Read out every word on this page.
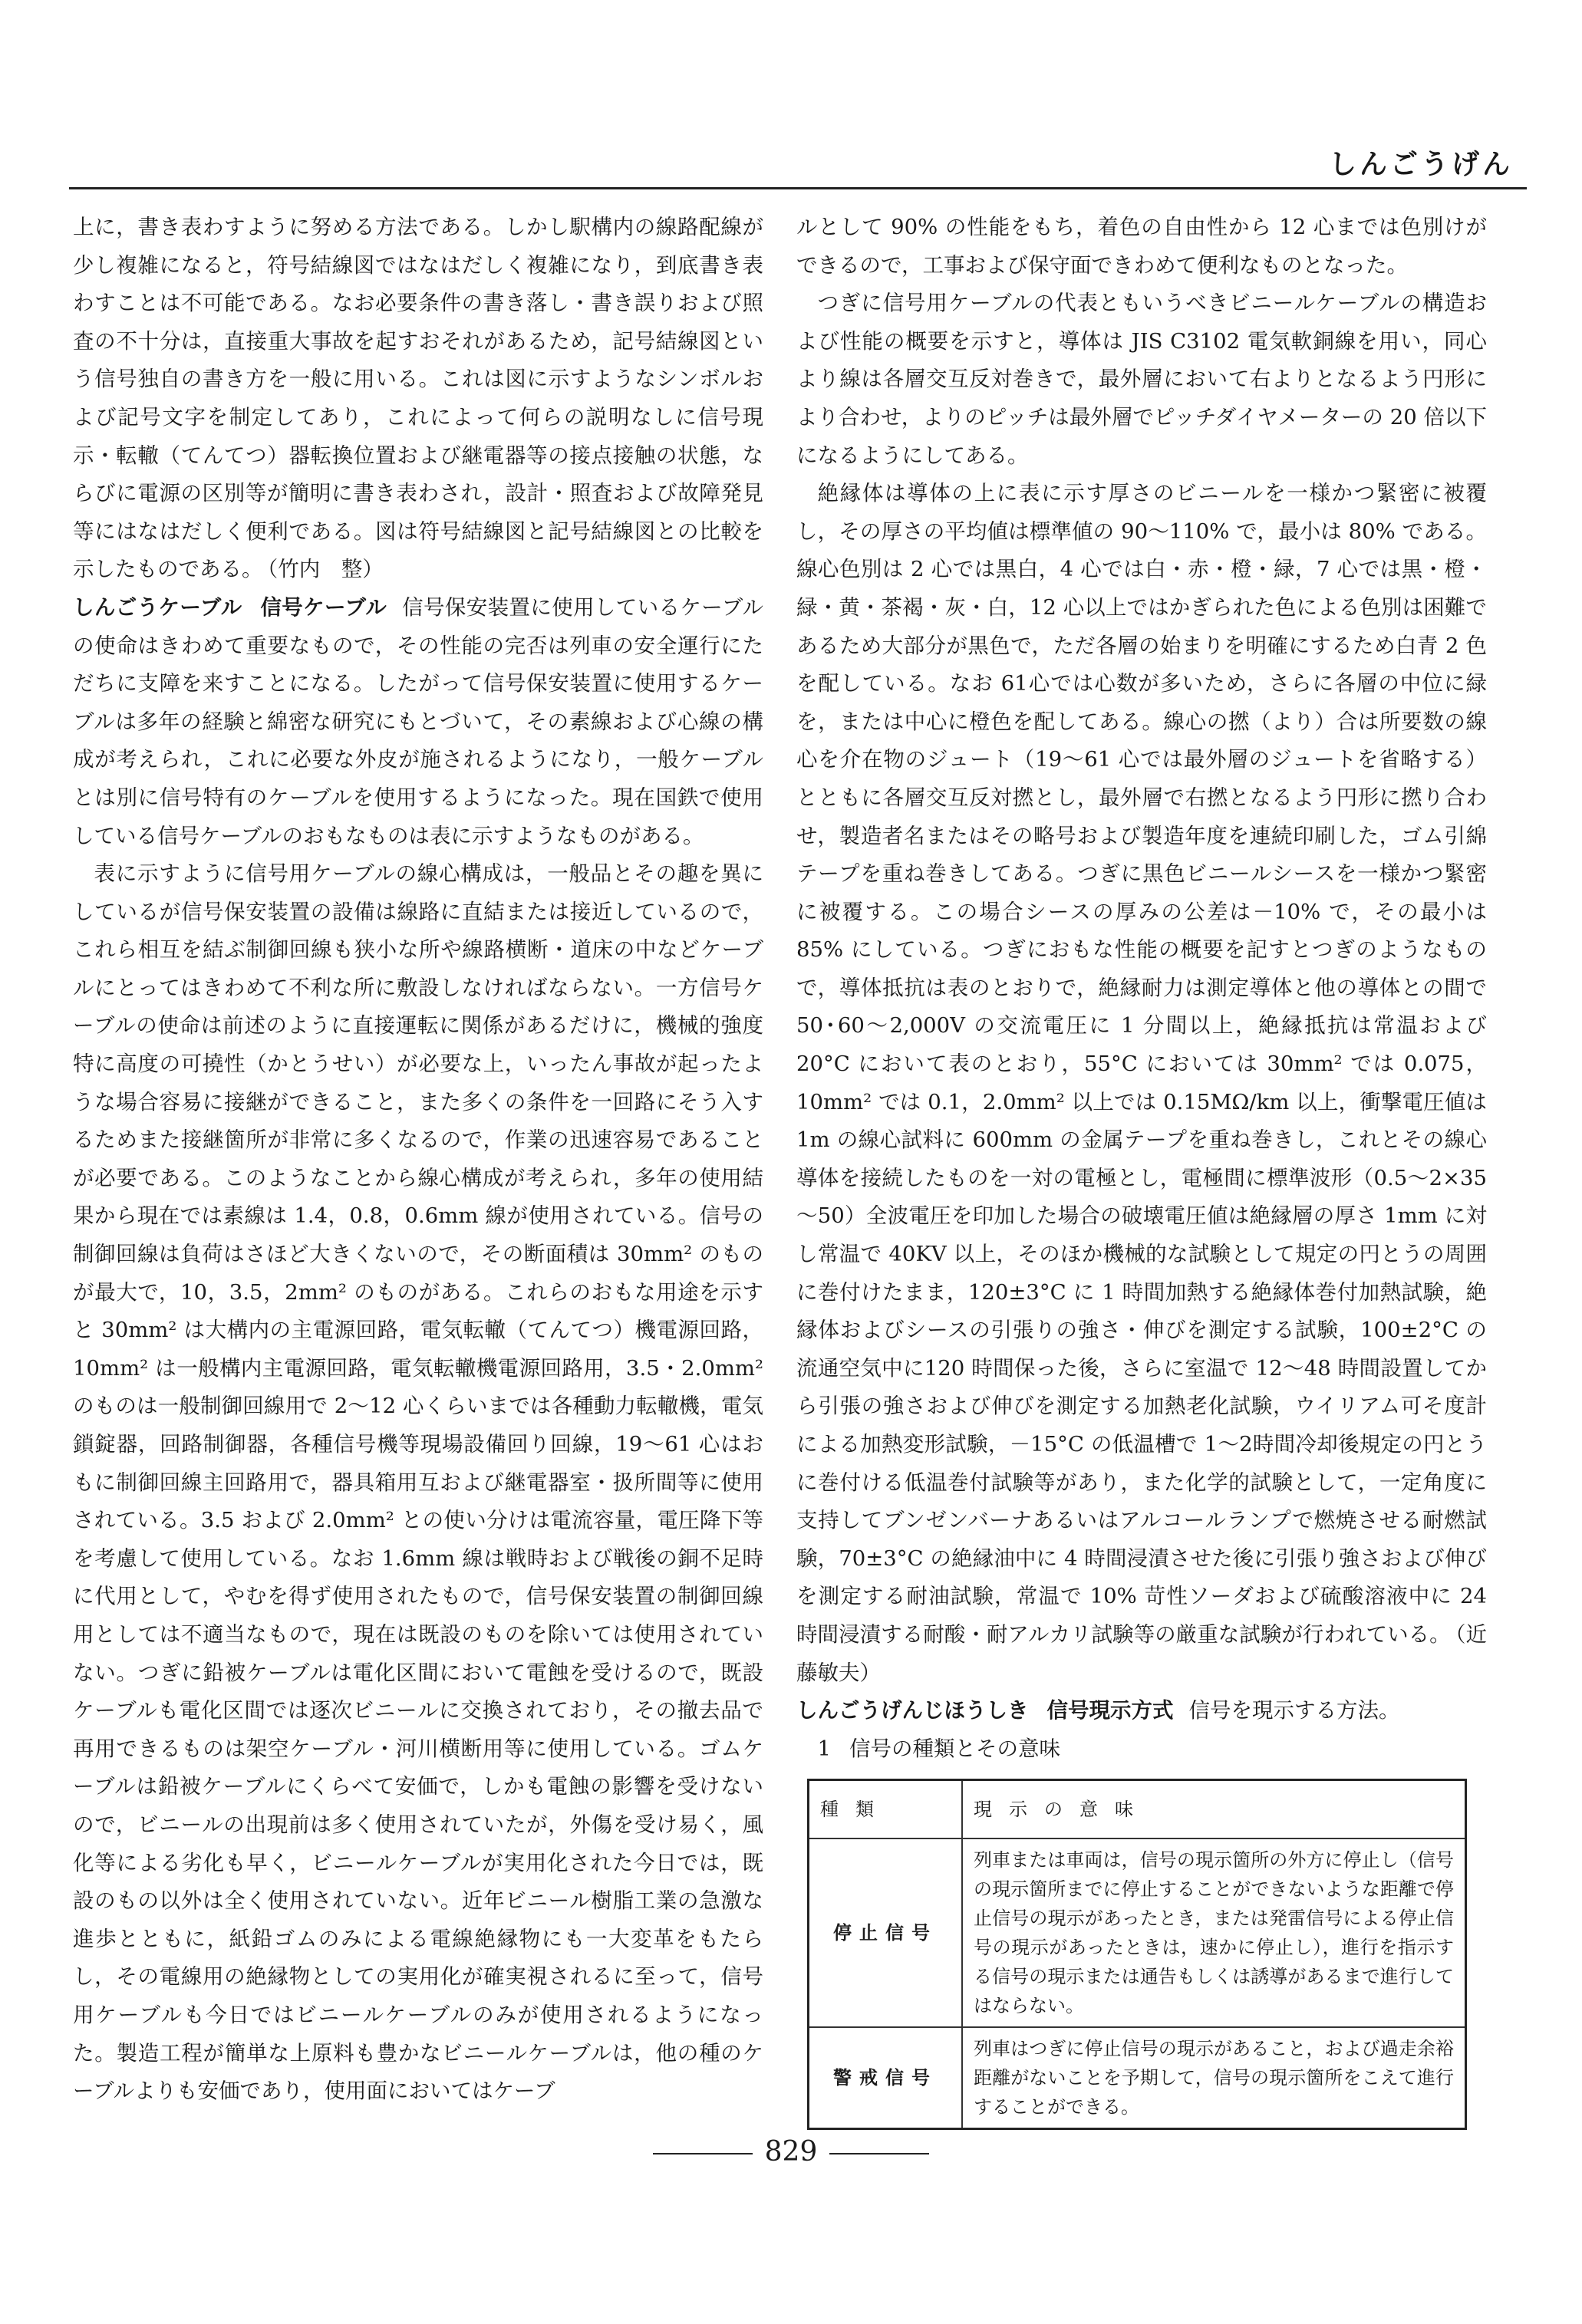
しんごうげん

上に，書き表わすように努める方法である。しかし駅構内の線路配線が少し複雑になると，符号結線図ではなはだしく複雑になり，到底書き表わすことは不可能である。なお必要条件の書き落し・書き誤りおよび照査の不十分は，直接重大事故を起すおそれがあるため，記号結線図という信号独自の書き方を一般に用いる。これは図に示すようなシンボルおよび記号文字を制定してあり，これによって何らの説明なしに信号現示・転轍（てんてつ）器転換位置および継電器等の接点接触の状態，ならびに電源の区別等が簡明に書き表わされ，設計・照査および故障発見等にはなはだしく便利である。図は符号結線図と記号結線図との比較を示したものである。 （竹内　整）

しんごうケーブル 信号ケーブル 信号保安装置に使用しているケーブルの使命はきわめて重要なもので，その性能の完否は列車の安全運行にただちに支障を来すことになる。したがって信号保安装置に使用するケーブルは多年の経験と綿密な研究にもとづいて，その素線および心線の構成が考えられ，これに必要な外皮が施されるようになり，一般ケーブルとは別に信号特有のケーブルを使用するようになった。現在国鉄で使用している信号ケーブルのおもなものは表に示すようなものがある。

表に示すように信号用ケーブルの線心構成は，一般品とその趣を異にしているが信号保安装置の設備は線路に直結または接近しているので，これら相互を結ぶ制御回線も狭小な所や線路横断・道床の中などケーブルにとってはきわめて不利な所に敷設しなければならない。一方信号ケーブルの使命は前述のように直接運転に関係があるだけに，機械的強度特に高度の可撓性（かとうせい）が必要な上，いったん事故が起ったような場合容易に接継ができること，また多くの条件を一回路にそう入するためまた接継箇所が非常に多くなるので，作業の迅速容易であることが必要である。このようなことから線心構成が考えられ，多年の使用結果から現在では素線は 1.4，0.8，0.6mm 線が使用されている。信号の制御回線は負荷はさほど大きくないので，その断面積は 30mm² のものが最大で，10，3.5，2mm² のものがある。これらのおもな用途を示すと 30mm² は大構内の主電源回路，電気転轍（てんてつ）機電源回路，10mm² は一般構内主電源回路，電気転轍機電源回路用，3.5・2.0mm² のものは一般制御回線用で 2～12 心くらいまでは各種動力転轍機，電気鎖錠器，回路制御器，各種信号機等現場設備回り回線，19～61 心はおもに制御回線主回路用で，器具箱用互および継電器室・扱所間等に使用されている。3.5 および 2.0mm² との使い分けは電流容量，電圧降下等を考慮して使用している。なお 1.6mm 線は戦時および戦後の銅不足時に代用として，やむを得ず使用されたもので，信号保安装置の制御回線用としては不適当なもので，現在は既設のものを除いては使用されていない。つぎに鉛被ケーブルは電化区間において電蝕を受けるので，既設ケーブルも電化区間では逐次ビニールに交換されており，その撤去品で再用できるものは架空ケーブル・河川横断用等に使用している。ゴムケーブルは鉛被ケーブルにくらべて安価で，しかも電蝕の影響を受けないので，ビニールの出現前は多く使用されていたが，外傷を受け易く，風化等による劣化も早く，ビニールケーブルが実用化された今日では，既設のもの以外は全く使用されていない。近年ビニール樹脂工業の急激な進歩とともに，紙鉛ゴムのみによる電線絶縁物にも一大変革をもたらし，その電線用の絶縁物としての実用化が確実視されるに至って，信号用ケーブルも今日ではビニールケーブルのみが使用されるようになった。製造工程が簡単な上原料も豊かなビニールケーブルは，他の種のケーブルよりも安価であり，使用面においてはケーブ

ルとして 90% の性能をもち，着色の自由性から 12 心までは色別けができるので，工事および保守面できわめて便利なものとなった。

つぎに信号用ケーブルの代表ともいうべきビニールケーブルの構造および性能の概要を示すと，導体は JIS C3102 電気軟銅線を用い，同心より線は各層交互反対巻きで，最外層において右よりとなるよう円形により合わせ，よりのピッチは最外層でピッチダイヤメーターの 20 倍以下になるようにしてある。

絶縁体は導体の上に表に示す厚さのビニールを一様かつ緊密に被覆し，その厚さの平均値は標準値の 90～110% で，最小は 80% である。線心色別は 2 心では黒白，4 心では白・赤・橙・緑，7 心では黒・橙・緑・黄・茶褐・灰・白，12 心以上ではかぎられた色による色別は困難であるため大部分が黒色で，ただ各層の始まりを明確にするため白青 2 色を配している。なお 61心では心数が多いため，さらに各層の中位に緑を，または中心に橙色を配してある。線心の撚（より）合は所要数の線心を介在物のジュート（19～61 心では最外層のジュートを省略する）とともに各層交互反対撚とし，最外層で右撚となるよう円形に撚り合わせ，製造者名またはその略号および製造年度を連続印刷した，ゴム引綿テープを重ね巻きしてある。つぎに黒色ビニールシースを一様かつ緊密に被覆する。この場合シースの厚みの公差は－10% で，その最小は 85% にしている。つぎにおもな性能の概要を記すとつぎのようなもので，導体抵抗は表のとおりで，絶縁耐力は測定導体と他の導体との間で 50･60～2,000V の交流電圧に 1 分間以上，絶縁抵抗は常温および 20°C において表のとおり，55°C においては 30mm² では 0.075，10mm² では 0.1，2.0mm² 以上では 0.15MΩ/km 以上，衝撃電圧値は 1m の線心試料に 600mm の金属テープを重ね巻きし，これとその線心導体を接続したものを一対の電極とし，電極間に標準波形（0.5～2×35～50）全波電圧を印加した場合の破壊電圧値は絶縁層の厚さ 1mm に対し常温で 40KV 以上，そのほか機械的な試験として規定の円とうの周囲に巻付けたまま，120±3°C に 1 時間加熱する絶縁体巻付加熱試験，絶縁体およびシースの引張りの強さ・伸びを測定する試験，100±2°C の流通空気中に120 時間保った後，さらに室温で 12～48 時間設置してから引張の強さおよび伸びを測定する加熱老化試験，ウイリアム可そ度計による加熱変形試験，－15°C の低温槽で 1～2時間冷却後規定の円とうに巻付ける低温巻付試験等があり，また化学的試験として，一定角度に支持してブンゼンバーナあるいはアルコールランプで燃焼させる耐燃試験，70±3°C の絶縁油中に 4 時間浸漬させた後に引張り強さおよび伸びを測定する耐油試験，常温で 10% 苛性ソーダおよび硫酸溶液中に 24 時間浸漬する耐酸・耐アルカリ試験等の厳重な試験が行われている。 （近藤敏夫）

しんごうげんじほうしき 信号現示方式 信号を現示する方法。

1 信号の種類とその意味

種類	現示の意味
停止信号	列車または車両は，信号の現示箇所の外方に停止し（信号の現示箇所までに停止することができないような距離で停止信号の現示があったとき，または発雷信号による停止信号の現示があったときは，速かに停止し），進行を指示する信号の現示または通告もしくは誘導があるまで進行してはならない。
警戒信号	列車はつぎに停止信号の現示があること，および過走余裕距離がないことを予期して，信号の現示箇所をこえて進行することができる。
829
